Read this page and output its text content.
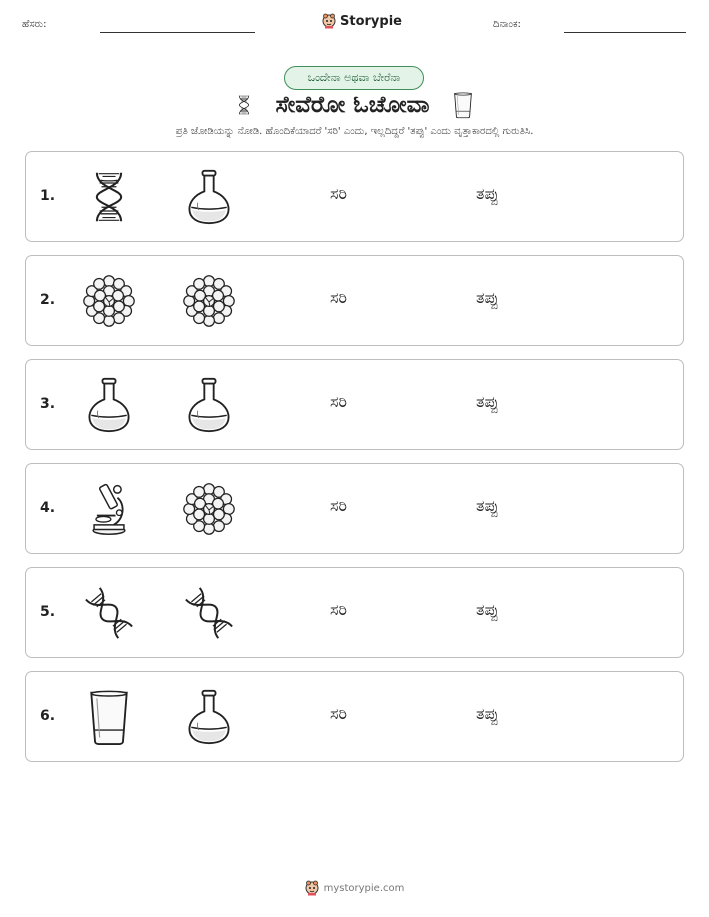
ಹೆಸರು:	Storypie	ದಿನಾಂಕ:
ಒಂದೇನಾ ಅಥವಾ ಬೇರೆನಾ
ಸೇವೆರೋ ಓಚೋವಾ
ಪ್ರತಿ ಜೋಡಿಯನ್ನು ನೋಡಿ. ಹೊಂದಿಕೆಯಾದರೆ 'ಸರಿ' ಎಂದು, ಇಲ್ಲದಿದ್ದರೆ 'ತಪ್ಪು' ಎಂದು ವೃತ್ತಾಕಾರದಲ್ಲಿ ಗುರುತಿಸಿ.
1.	ಸರಿ	ತಪ್ಪು
2.	ಸರಿ	ತಪ್ಪು
3.	ಸರಿ	ತಪ್ಪು
4.	ಸರಿ	ತಪ್ಪು
5.	ಸರಿ	ತಪ್ಪು
6.	ಸರಿ	ತಪ್ಪು
mystorypie.com
